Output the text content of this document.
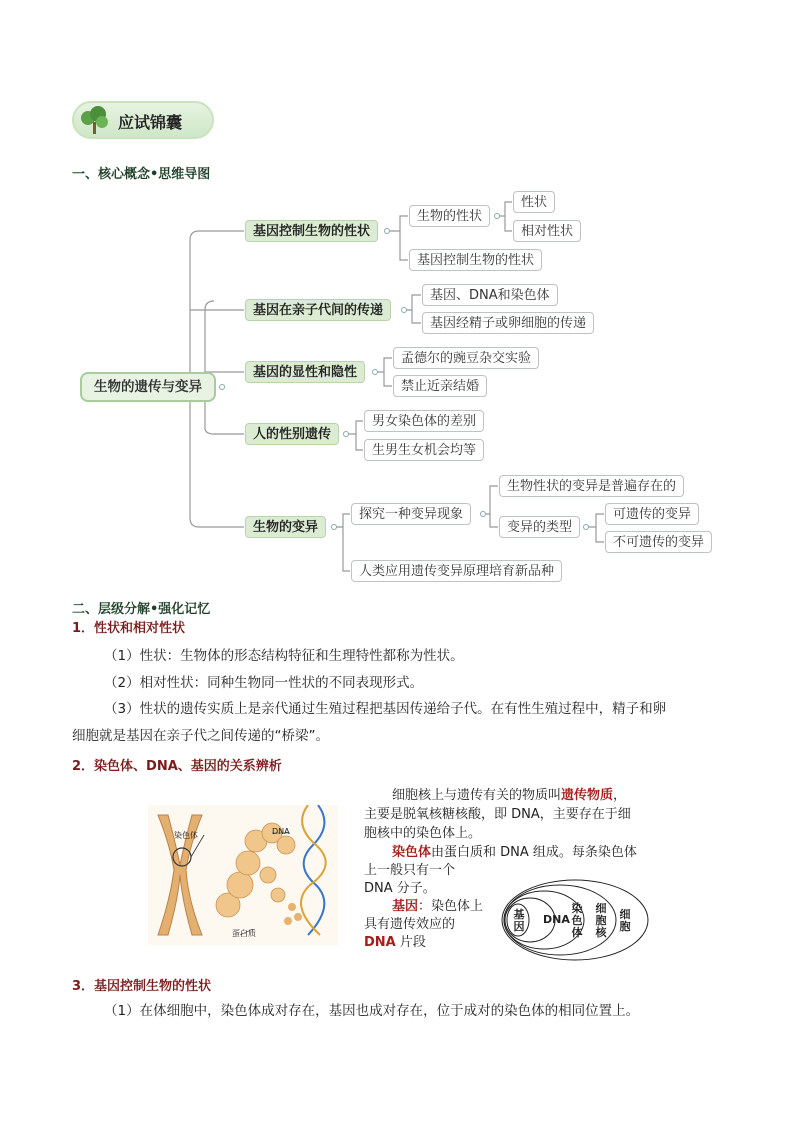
应试锦囊
一、核心概念•思维导图
生物的遗传与变异
基因控制生物的性状
生物的性状
性状
相对性状
基因控制生物的性状
基因在亲子代间的传递
基因、DNA和染色体
基因经精子或卵细胞的传递
基因的显性和隐性
孟德尔的豌豆杂交实验
禁止近亲结婚
人的性别遗传
男女染色体的差别
生男生女机会均等
生物的变异
探究一种变异现象
生物性状的变异是普遍存在的
变异的类型
可遗传的变异
不可遗传的变异
人类应用遗传变异原理培育新品种
二、层级分解•强化记忆
1．性状和相对性状
（1）性状：生物体的形态结构特征和生理特性都称为性状。
（2）相对性状：同种生物同一性状的不同表现形式。
（3）性状的遗传实质上是亲代通过生殖过程把基因传递给子代。在有性生殖过程中，精子和卵
细胞就是基因在亲子代之间传递的“桥梁”。
2．染色体、DNA、基因的关系辨析
染色体	DNA
蛋白质
细胞核上与遗传有关的物质叫遗传物质，
主要是脱氧核糖核酸，即 DNA，主要存在于细
胞核中的染色体上。
染色体由蛋白质和 DNA 组成。每条染色体
上一般只有一个
DNA 分子。
基因：染色体上
具有遗传效应的
DNA 片段
基因
DNA
染色体
细胞核
细胞
3．基因控制生物的性状
（1）在体细胞中，染色体成对存在，基因也成对存在，位于成对的染色体的相同位置上。
